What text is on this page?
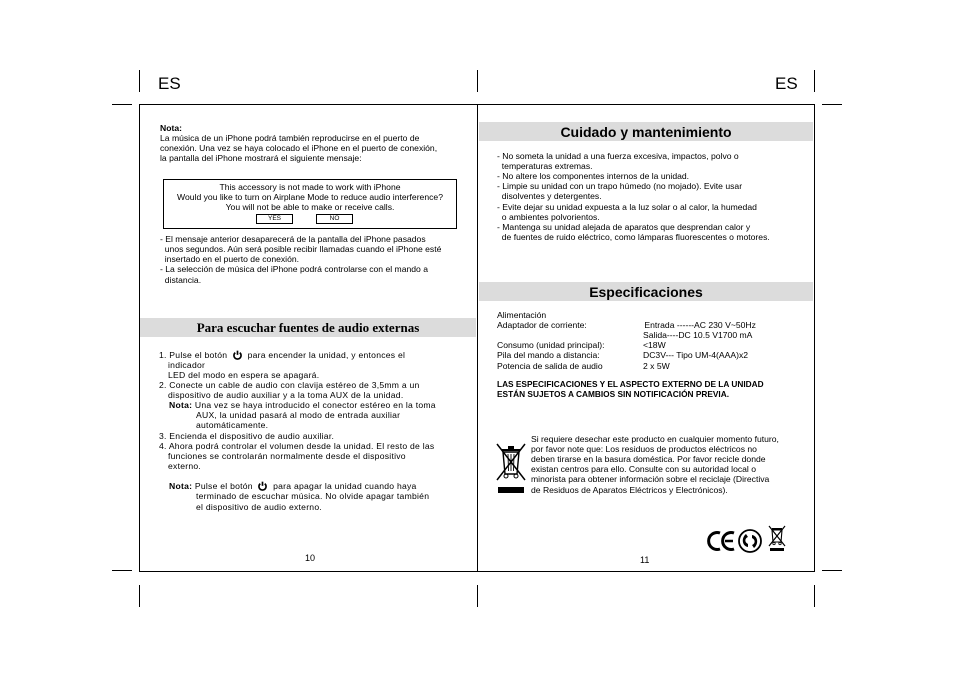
ES	ES
Nota:
La música de un iPhone podrá también reproducirse en el puerto de
conexión. Una vez se haya colocado el iPhone en el puerto de conexión,
la pantalla del iPhone mostrará el siguiente mensaje:
This accessory is not made to work with iPhone
Would you like to turn on Airplane Mode to reduce audio interference?
You will not be able to make or receive calls.
YES	NO
- El mensaje anterior desaparecerá de la pantalla del iPhone pasados
unos segundos. Aún será posible recibir llamadas cuando el iPhone esté
insertado en el puerto de conexión.
- La selección de música del iPhone podrá controlarse con el mando a
distancia.
Para escuchar fuentes de audio externas
1. Pulse el botón para encender la unidad, y entonces el
indicador
LED del modo en espera se apagará.
2. Conecte un cable de audio con clavija estéreo de 3,5mm a un
dispositivo de audio auxiliar y a la toma AUX de la unidad.
Nota: Una vez se haya introducido el conector estéreo en la toma
AUX, la unidad pasará al modo de entrada auxiliar
automáticamente.
3. Encienda el dispositivo de audio auxiliar.
4. Ahora podrá controlar el volumen desde la unidad. El resto de las
funciones se controlarán normalmente desde el dispositivo
externo.
Nota: Pulse el botón para apagar la unidad cuando haya
terminado de escuchar música. No olvide apagar también
el dispositivo de audio externo.
10
Cuidado y mantenimiento
- No someta la unidad a una fuerza excesiva, impactos, polvo o
temperaturas extremas.
- No altere los componentes internos de la unidad.
- Limpie su unidad con un trapo húmedo (no mojado). Evite usar
disolventes y detergentes.
- Evite dejar su unidad expuesta a la luz solar o al calor, la humedad
o ambientes polvorientos.
- Mantenga su unidad alejada de aparatos que desprendan calor y
de fuentes de ruido eléctrico, como lámparas fluorescentes o motores.
Especificaciones
Alimentación
Adaptador de corriente:	Entrada ------AC 230 V~50Hz
Salida----DC 10.5 V1700 mA
Consumo (unidad principal):	<18W
Pila del mando a distancia:	DC3V--- Tipo UM-4(AAA)x2
Potencia de salida de audio	2 x 5W
LAS ESPECIFICACIONES Y EL ASPECTO EXTERNO DE LA UNIDAD
ESTÁN SUJETOS A CAMBIOS SIN NOTIFICACIÓN PREVIA.
Si requiere desechar este producto en cualquier momento futuro,
por favor note que: Los residuos de productos eléctricos no
deben tirarse en la basura doméstica. Por favor recicle donde
existan centros para ello. Consulte con su autoridad local o
minorista para obtener información sobre el reciclaje (Directiva
de Residuos de Aparatos Eléctricos y Electrónicos).
11
